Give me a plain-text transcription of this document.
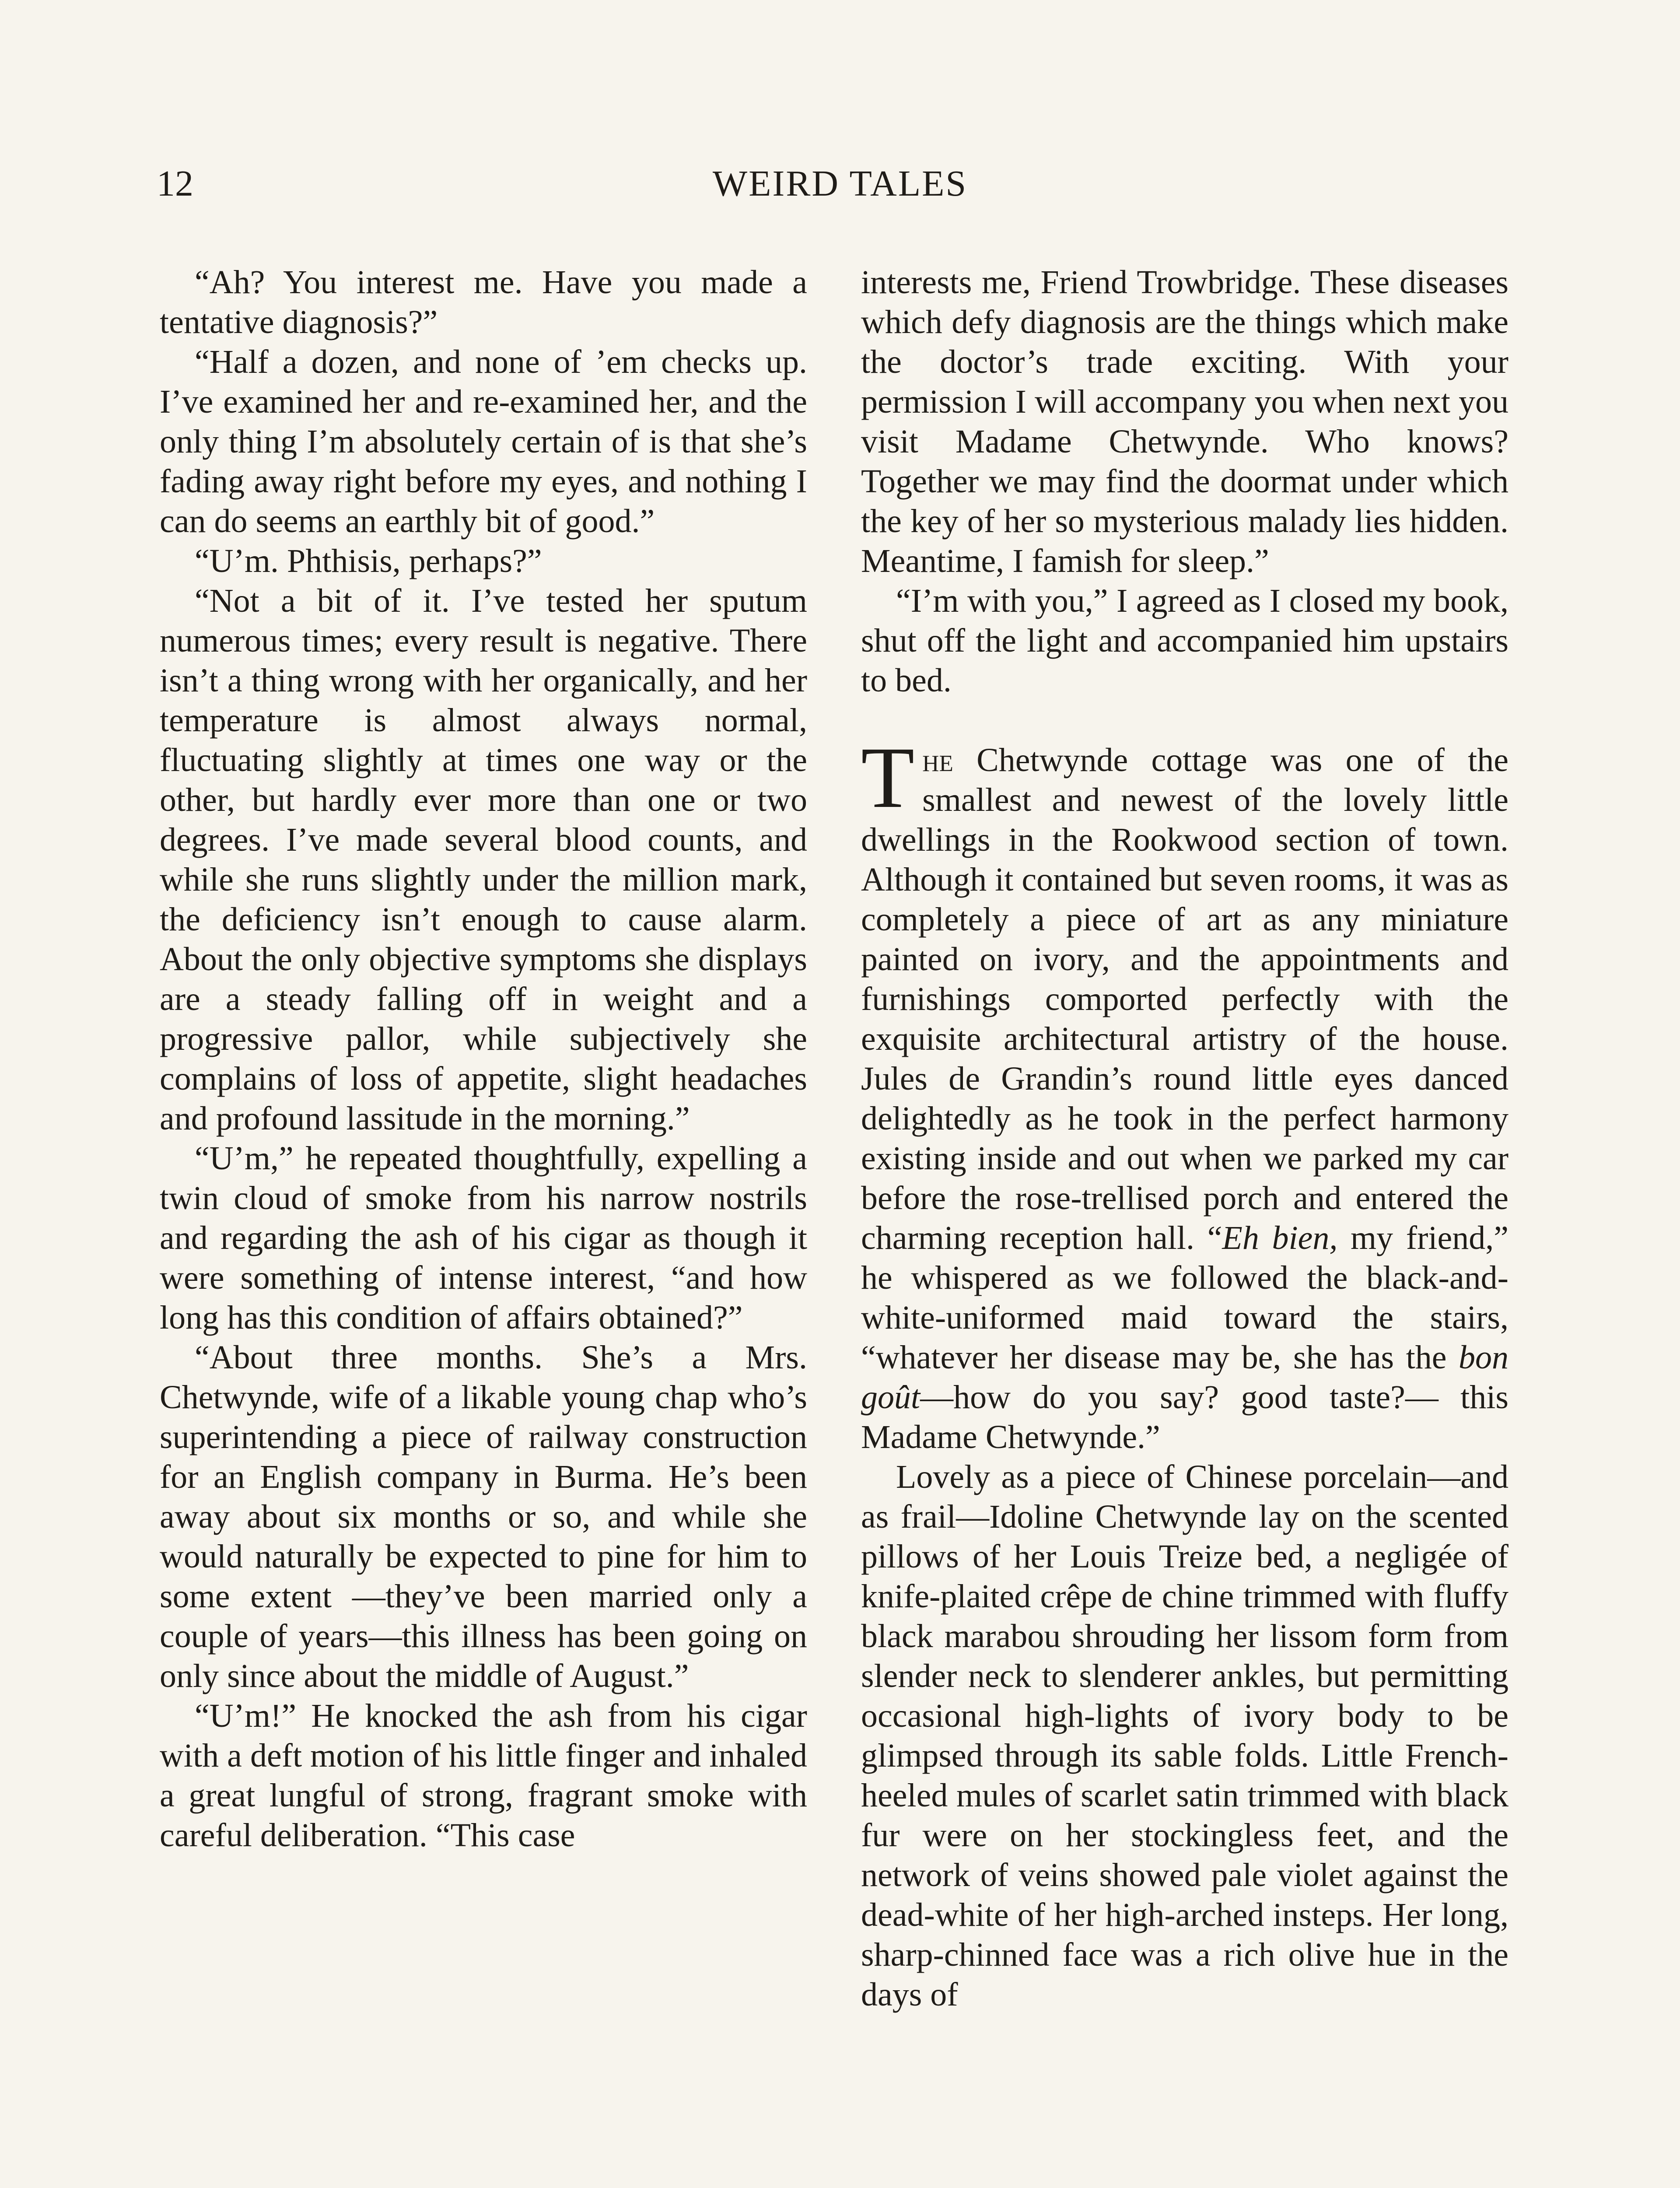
12	WEIRD TALES

“Ah? You interest me. Have you made a tentative diagnosis?”

“Half a dozen, and none of ’em checks up. I’ve examined her and re-examined her, and the only thing I’m absolutely certain of is that she’s fading away right before my eyes, and nothing I can do seems an earthly bit of good.”

“U’m. Phthisis, perhaps?”

“Not a bit of it. I’ve tested her sputum numerous times; every result is negative. There isn’t a thing wrong with her organically, and her temperature is almost always normal, fluctuating slightly at times one way or the other, but hardly ever more than one or two degrees. I’ve made several blood counts, and while she runs slightly under the million mark, the deficiency isn’t enough to cause alarm. About the only objective symptoms she displays are a steady falling off in weight and a progressive pallor, while subjectively she complains of loss of appetite, slight headaches and profound lassitude in the morning.”

“U’m,” he repeated thoughtfully, expelling a twin cloud of smoke from his narrow nostrils and regarding the ash of his cigar as though it were something of intense interest, “and how long has this condition of affairs obtained?”

“About three months. She’s a Mrs. Chetwynde, wife of a likable young chap who’s superintending a piece of railway construction for an English company in Burma. He’s been away about six months or so, and while she would naturally be expected to pine for him to some extent —they’ve been married only a couple of years—this illness has been going on only since about the middle of August.”

“U’m!” He knocked the ash from his cigar with a deft motion of his little finger and inhaled a great lungful of strong, fragrant smoke with careful deliberation. “This case

interests me, Friend Trowbridge. These diseases which defy diagnosis are the things which make the doctor’s trade exciting. With your permission I will accompany you when next you visit Madame Chetwynde. Who knows? Together we may find the doormat under which the key of her so mysterious malady lies hidden. Meantime, I famish for sleep.”

“I’m with you,” I agreed as I closed my book, shut off the light and accompanied him upstairs to bed.

The Chetwynde cottage was one of the smallest and newest of the lovely little dwellings in the Rookwood section of town. Although it contained but seven rooms, it was as completely a piece of art as any miniature painted on ivory, and the appointments and furnishings comported perfectly with the exquisite architectural artistry of the house. Jules de Grandin’s round little eyes danced delightedly as he took in the perfect harmony existing inside and out when we parked my car before the rose-trellised porch and entered the charming reception hall. “Eh bien, my friend,” he whispered as we followed the black-and-white-uniformed maid toward the stairs, “whatever her disease may be, she has the bon goût—how do you say? good taste?— this Madame Chetwynde.”

Lovely as a piece of Chinese porcelain—and as frail—Idoline Chetwynde lay on the scented pillows of her Louis Treize bed, a negligée of knife-plaited crêpe de chine trimmed with fluffy black marabou shrouding her lissom form from slender neck to slenderer ankles, but permitting occasional high-lights of ivory body to be glimpsed through its sable folds. Little French-heeled mules of scarlet satin trimmed with black fur were on her stockingless feet, and the network of veins showed pale violet against the dead-white of her high-arched insteps. Her long, sharp-chinned face was a rich olive hue in the days of
